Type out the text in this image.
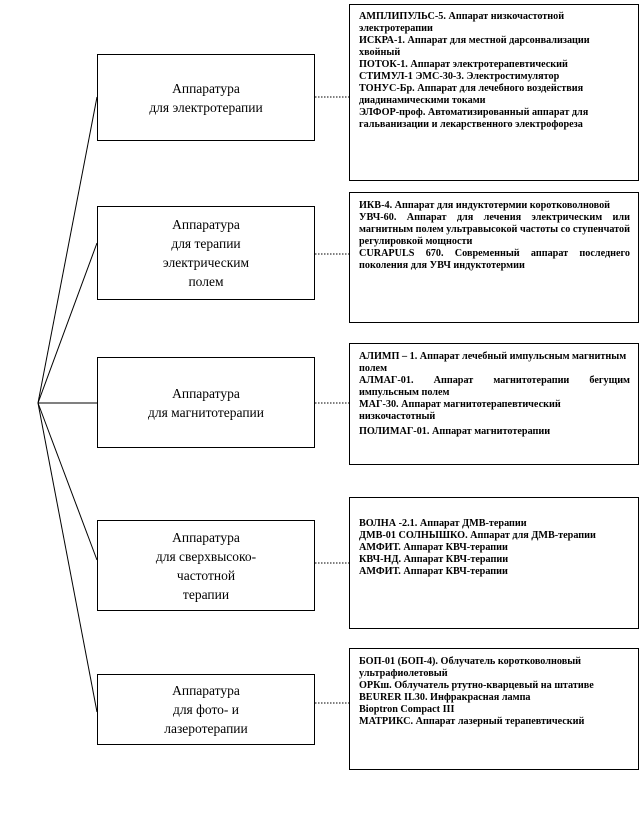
Аппаратура
для электротерапии
Аппаратура
для терапии
электрическим
полем
Аппаратура
для магнитотерапии
Аппаратура
для сверхвысоко-
частотной
терапии
Аппаратура
для фото- и
лазеротерапии
АМПЛИПУЛЬС-5. Аппарат низкочастотной электротерапии
ИСКРА-1. Аппарат для местной дарсонвализации хвойный
ПОТОК-1. Аппарат электротерапевтический
СТИМУЛ-1 ЭМС-30-3. Электростимулятор
ТОНУС-Бр. Аппарат для лечебного воздействия диадинамическими токами
ЭЛФОР-проф. Автоматизированный аппарат для гальванизации и лекарственного электрофореза
ИКВ-4. Аппарат для индуктотермии коротковолновой
УВЧ-60. Аппарат для лечения электрическим или магнитным полем ультравысокой частоты со ступенчатой регулировкой мощности
CURAPULS 670. Современный аппарат последнего поколения для УВЧ индуктотермии
АЛИМП – 1. Аппарат лечебный импульсным магнитным полем
АЛМАГ-01. Аппарат магнитотерапии бегущим импульсным полем
МАГ-30. Аппарат магнитотерапевтический низкочастотный
ПОЛИМАГ-01. Аппарат магнитотерапии
ВОЛНА -2.1. Аппарат ДМВ-терапии
ДМВ-01 СОЛНЫШКО. Аппарат для ДМВ-терапии
АМФИТ. Аппарат КВЧ-терапии
КВЧ-НД. Аппарат КВЧ-терапии
АМФИТ. Аппарат КВЧ-терапии
БОП-01 (БОП-4). Облучатель коротковолновый ультрафиолетовый
ОРКш. Облучатель ртутно-кварцевый на штативе
BEURER IL30. Инфракрасная лампа
Bioptron Compact III
МАТРИКС. Аппарат лазерный терапевтический
